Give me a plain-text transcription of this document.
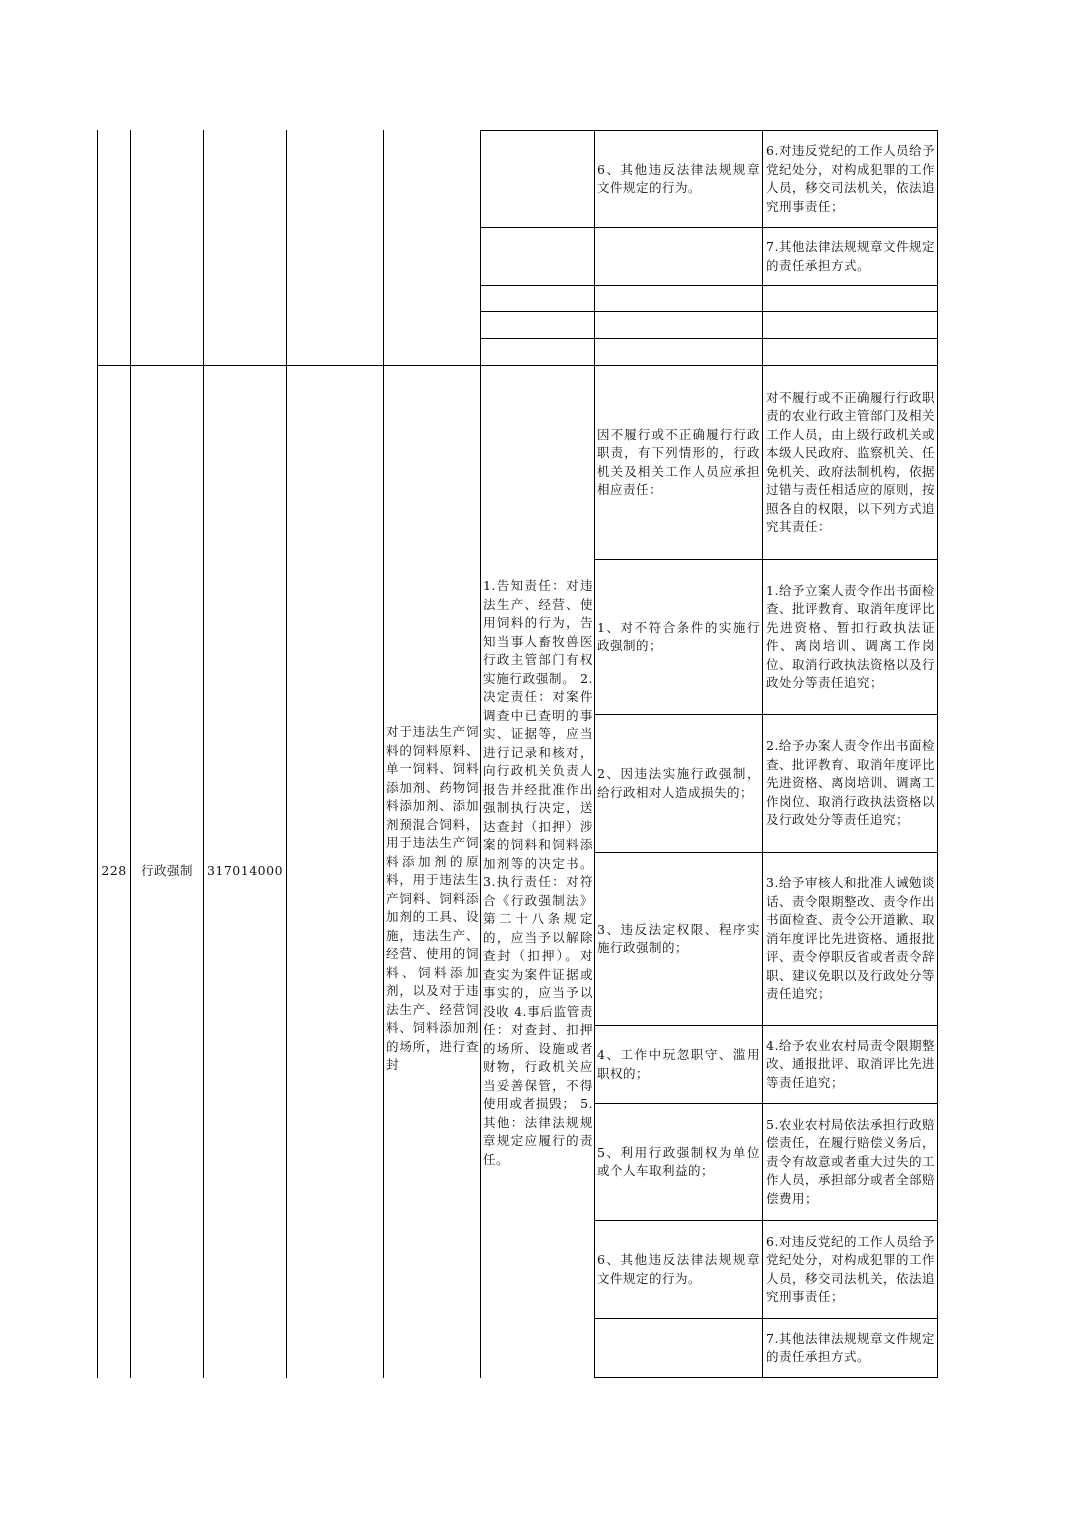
6、其他违反法律法规规章文件规定的行为。
6.对违反党纪的工作人员给予党纪处分，对构成犯罪的工作人员，移交司法机关，依法追究刑事责任；
7.其他法律法规规章文件规定的责任承担方式。
228 行政强制 317014000
对于违法生产饲料的饲料原料、单一饲料、饲料添加剂、药物饲料添加剂、添加剂预混合饲料，用于违法生产饲料添加剂的原料，用于违法生产饲料、饲料添加剂的工具、设施，违法生产、经营、使用的饲料、饲料添加剂，以及对于违法生产、经营饲料、饲料添加剂的场所，进行查封
1.告知责任：对违法生产、经营、使用饲料的行为，告知当事人畜牧兽医行政主管部门有权实施行政强制。 2.决定责任：对案件调查中已查明的事实、证据等，应当进行记录和核对，向行政机关负责人报告并经批准作出强制执行决定，送达查封（扣押）涉案的饲料和饲料添加剂等的决定书。 3.执行责任：对符合《行政强制法》第二十八条规定的，应当予以解除查封（扣押）。对查实为案件证据或事实的，应当予以没收 4.事后监管责任：对查封、扣押的场所、设施或者财物，行政机关应当妥善保管，不得使用或者损毁； 5.其他：法律法规规章规定应履行的责任。
因不履行或不正确履行行政职责，有下列情形的，行政机关及相关工作人员应承担相应责任：
1、对不符合条件的实施行政强制的；
2、因违法实施行政强制，给行政相对人造成损失的；
3、违反法定权限、程序实施行政强制的；
4、工作中玩忽职守、滥用职权的；
5、利用行政强制权为单位或个人车取利益的；
6、其他违反法律法规规章文件规定的行为。
对不履行或不正确履行行政职责的农业行政主管部门及相关工作人员，由上级行政机关或本级人民政府、监察机关、任免机关、政府法制机构，依据过错与责任相适应的原则，按照各自的权限，以下列方式追究其责任：
1.给予立案人责令作出书面检查、批评教育、取消年度评比先进资格、暂扣行政执法证件、离岗培训、调离工作岗位、取消行政执法资格以及行政处分等责任追究；
2.给予办案人责令作出书面检查、批评教育、取消年度评比先进资格、离岗培训、调离工作岗位、取消行政执法资格以及行政处分等责任追究；
3.给予审核人和批准人诫勉谈话、责令限期整改、责令作出书面检查、责令公开道歉、取消年度评比先进资格、通报批评、责令停职反省或者责令辞职、建议免职以及行政处分等责任追究；
4.给予农业农村局责令限期整改、通报批评、取消评比先进等责任追究；
5.农业农村局依法承担行政赔偿责任，在履行赔偿义务后，责令有故意或者重大过失的工作人员，承担部分或者全部赔偿费用；
6.对违反党纪的工作人员给予党纪处分，对构成犯罪的工作人员，移交司法机关，依法追究刑事责任；
7.其他法律法规规章文件规定的责任承担方式。
